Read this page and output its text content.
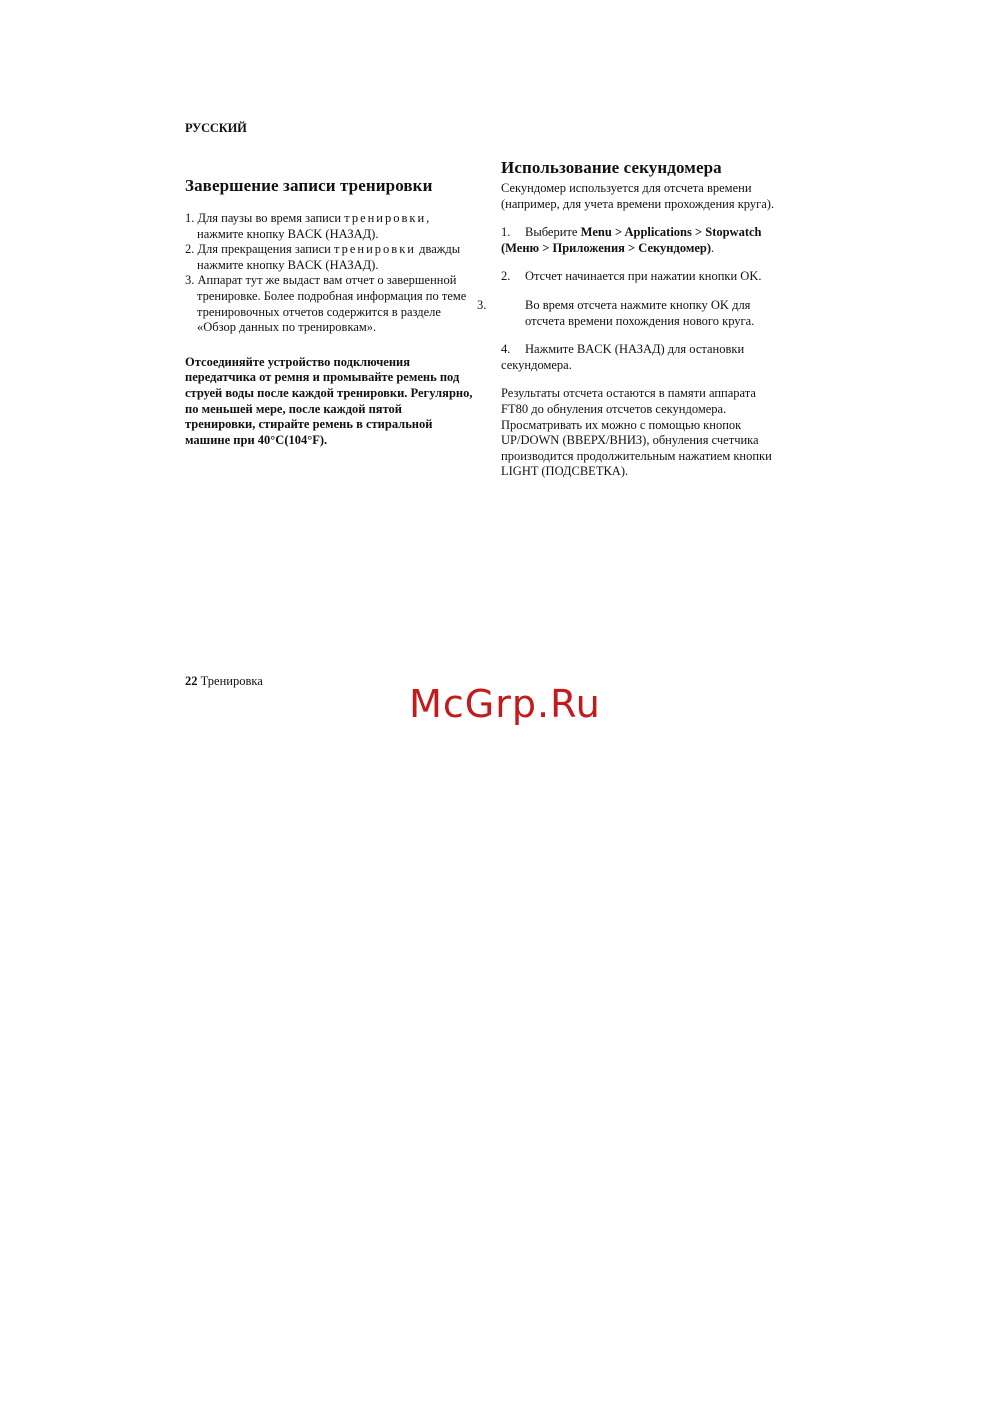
РУССКИЙ
Завершение записи тренировки
1. Для паузы во время записи тренировки, нажмите кнопку BACK (НАЗАД).
2. Для прекращения записи тренировки дважды нажмите кнопку BACK (НАЗАД).
3. Аппарат тут же выдаст вам отчет о завершенной тренировке. Более подробная информация по теме тренировочных отчетов содержится в разделе «Обзор данных по тренировкам».

Отсоединяйте устройство подключения передатчика от ремня и промывайте ремень под струей воды после каждой тренировки. Регулярно, по меньшей мере, после каждой пятой тренировки, стирайте ремень в стиральной машине при 40°C(104°F).

Использование секундомера

Секундомер используется для отсчета времени (например, для учета времени прохождения круга).

1. Выберите Menu > Applications > Stopwatch (Меню > Приложения > Секундомер).

2. Отсчет начинается при нажатии кнопки OK.

3.	Во время отсчета нажмите кнопку OK для отсчета времени похождения нового круга.

4. Нажмите BACK (НАЗАД) для остановки секундомера.

Результаты отсчета остаются в памяти аппарата FT80 до обнуления отсчетов секундомера. Просматривать их можно с помощью кнопок UP/DOWN (ВВЕРХ/ВНИЗ), обнуления счетчика производится продолжительным нажатием кнопки LIGHT (ПОДСВЕТКА).

22 Тренировка
McGrp.Ru
